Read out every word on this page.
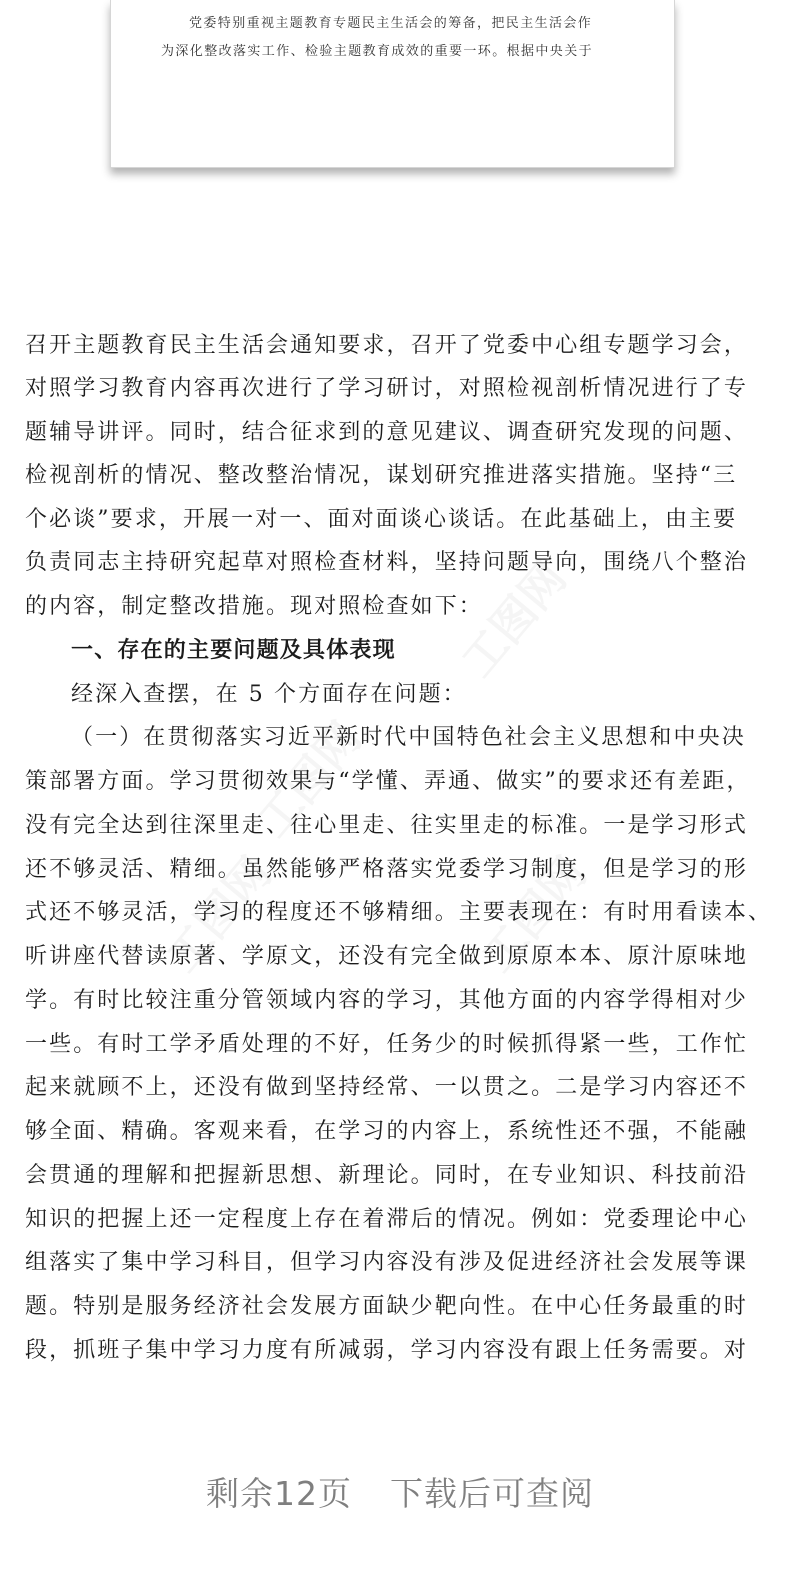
党委特别重视主题教育专题民主生活会的筹备，把民主生活会作
为深化整改落实工作、检验主题教育成效的重要一环。根据中央关于
工图网
工图网	工图网
工图网
召开主题教育民主生活会通知要求，召开了党委中心组专题学习会，
对照学习教育内容再次进行了学习研讨，对照检视剖析情况进行了专
题辅导讲评。同时，结合征求到的意见建议、调查研究发现的问题、
检视剖析的情况、整改整治情况，谋划研究推进落实措施。坚持“三
个必谈”要求，开展一对一、面对面谈心谈话。在此基础上，由主要
负责同志主持研究起草对照检查材料，坚持问题导向，围绕八个整治
的内容，制定整改措施。现对照检查如下：
一、存在的主要问题及具体表现
经深入查摆，在 5 个方面存在问题：
（一）在贯彻落实习近平新时代中国特色社会主义思想和中央决
策部署方面。学习贯彻效果与“学懂、弄通、做实”的要求还有差距，
没有完全达到往深里走、往心里走、往实里走的标准。一是学习形式
还不够灵活、精细。虽然能够严格落实党委学习制度，但是学习的形
式还不够灵活，学习的程度还不够精细。主要表现在：有时用看读本、
听讲座代替读原著、学原文，还没有完全做到原原本本、原汁原味地
学。有时比较注重分管领域内容的学习，其他方面的内容学得相对少
一些。有时工学矛盾处理的不好，任务少的时候抓得紧一些，工作忙
起来就顾不上，还没有做到坚持经常、一以贯之。二是学习内容还不
够全面、精确。客观来看，在学习的内容上，系统性还不强，不能融
会贯通的理解和把握新思想、新理论。同时，在专业知识、科技前沿
知识的把握上还一定程度上存在着滞后的情况。例如：党委理论中心
组落实了集中学习科目，但学习内容没有涉及促进经济社会发展等课
题。特别是服务经济社会发展方面缺少靶向性。在中心任务最重的时
段，抓班子集中学习力度有所减弱，学习内容没有跟上任务需要。对
剩余12页 下载后可查阅
